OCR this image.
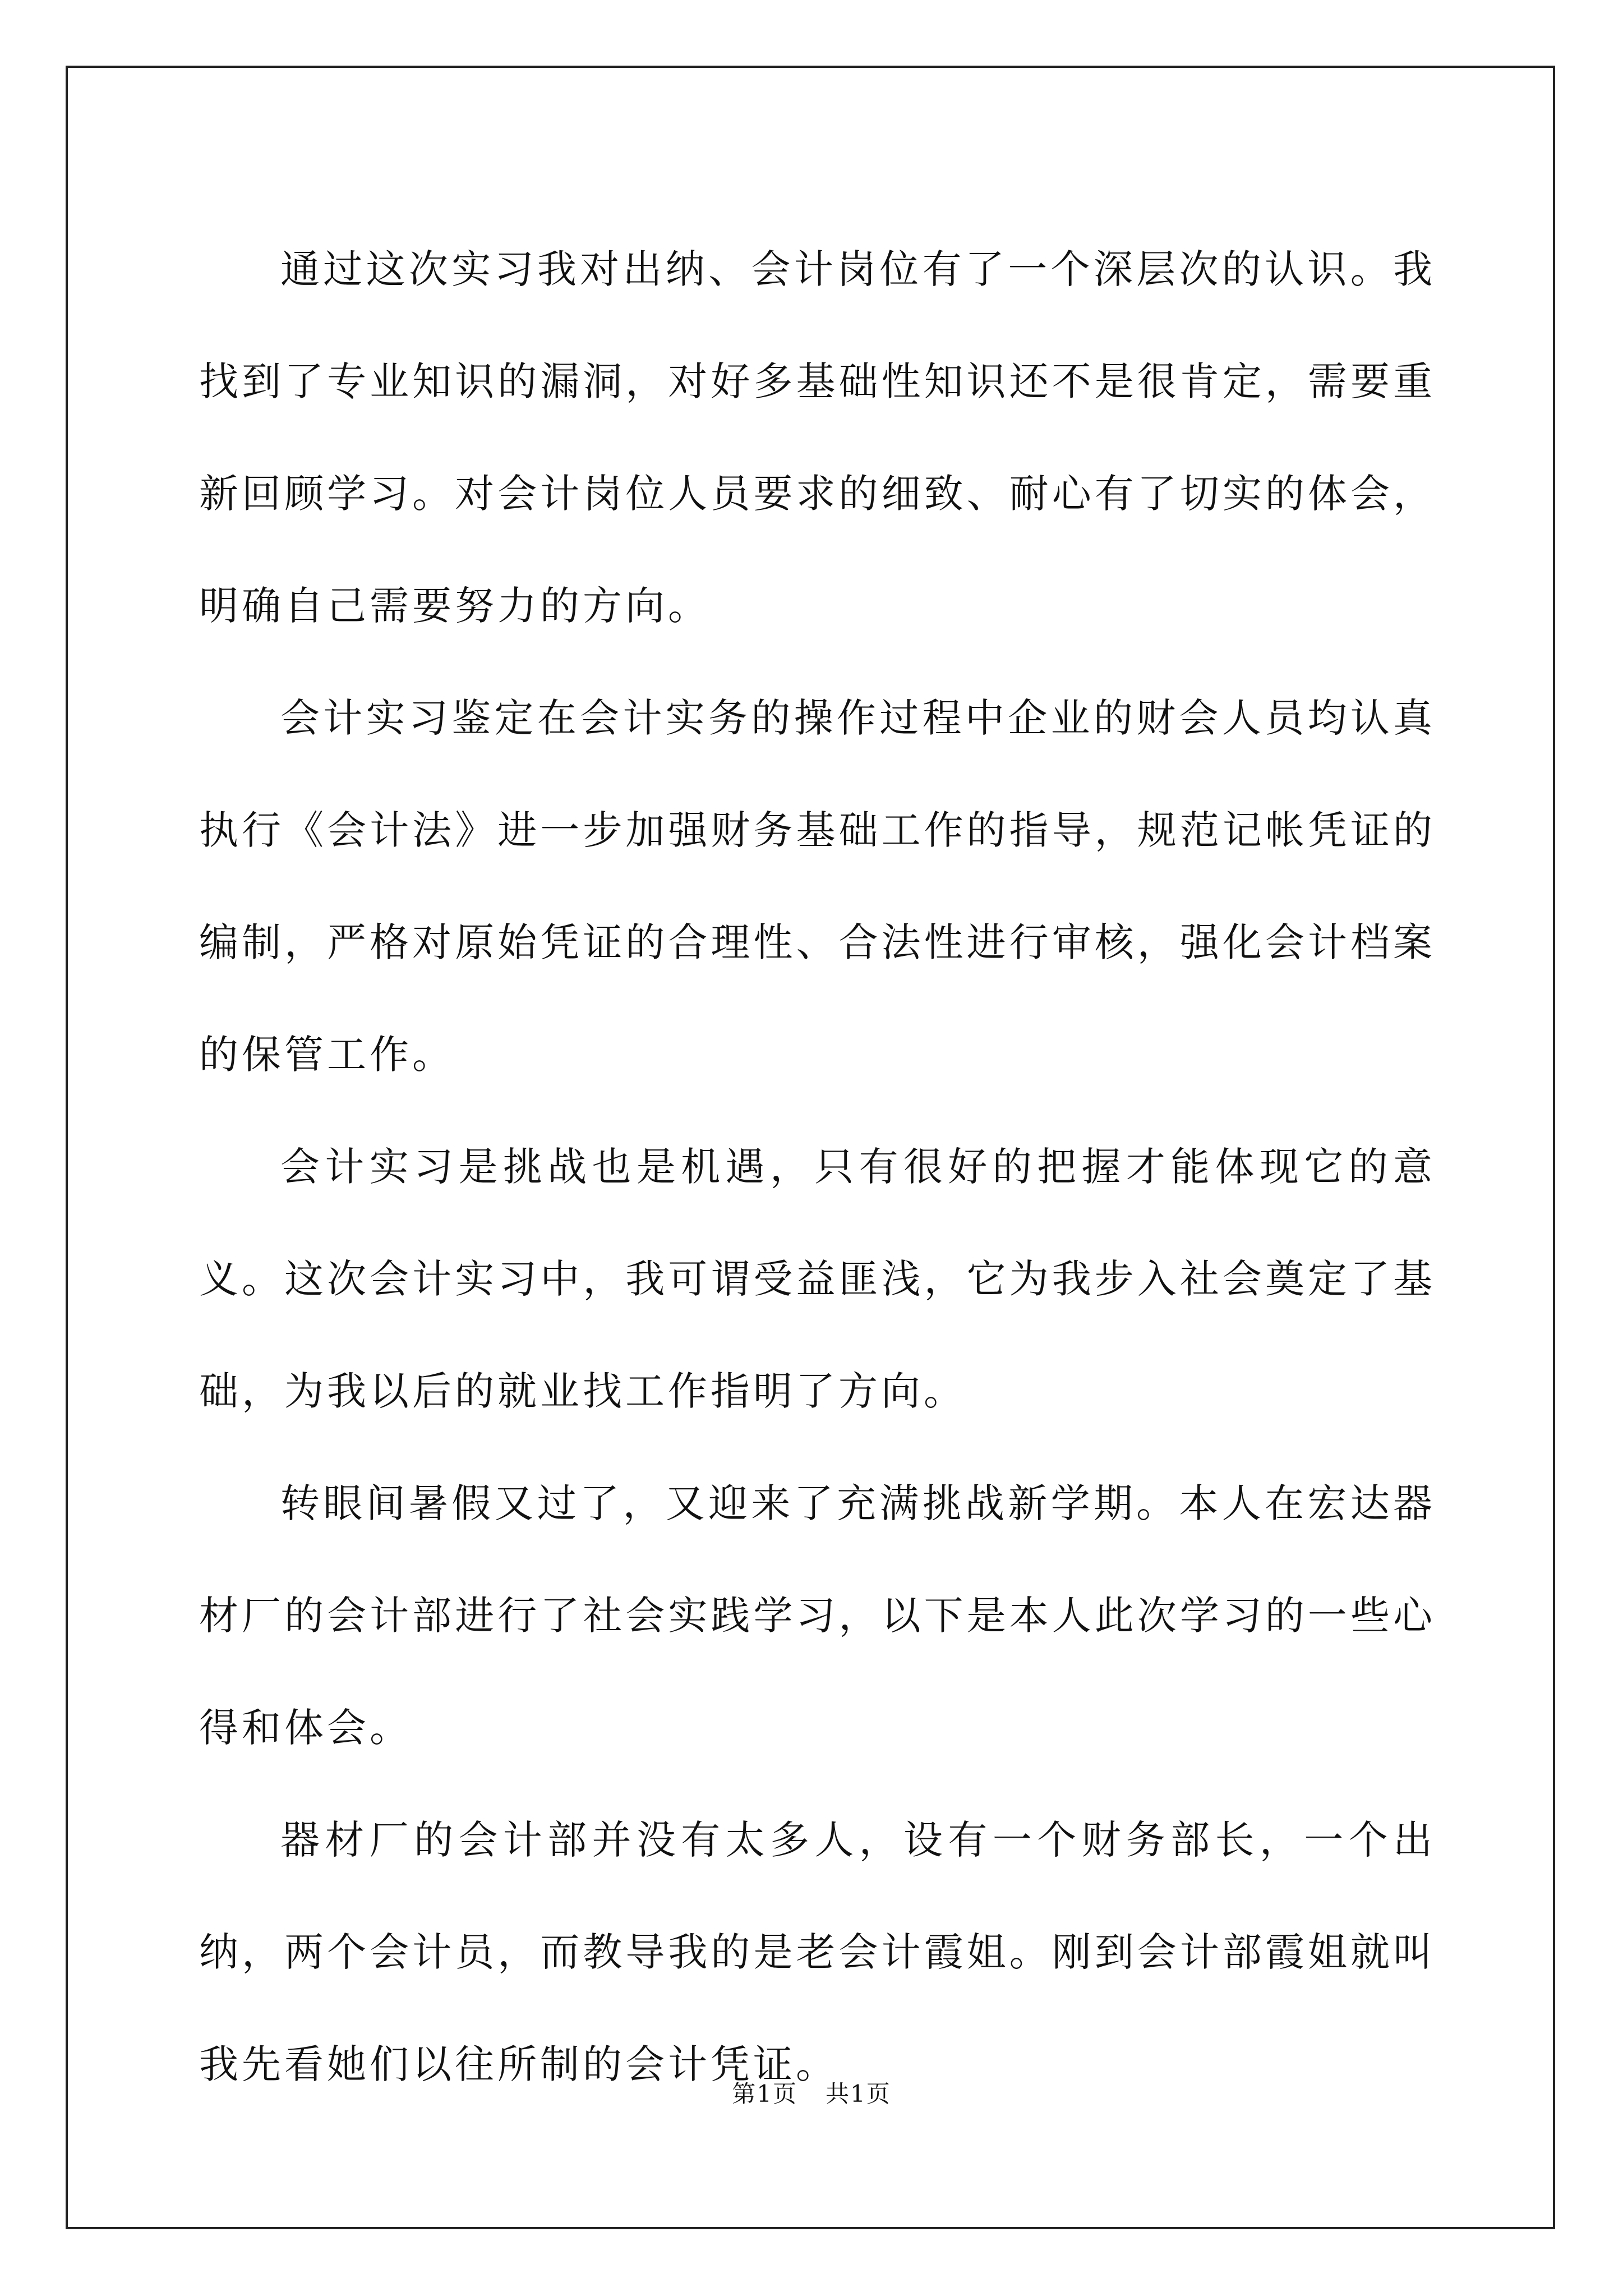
通过这次实习我对出纳、会计岗位有了一个深层次的认识。我找到了专业知识的漏洞，对好多基础性知识还不是很肯定，需要重新回顾学习。对会计岗位人员要求的细致、耐心有了切实的体会，明确自己需要努力的方向。

会计实习鉴定在会计实务的操作过程中企业的财会人员均认真执行《会计法》进一步加强财务基础工作的指导，规范记帐凭证的编制，严格对原始凭证的合理性、合法性进行审核，强化会计档案的保管工作。

会计实习是挑战也是机遇，只有很好的把握才能体现它的意义。这次会计实习中，我可谓受益匪浅，它为我步入社会奠定了基础，为我以后的就业找工作指明了方向。

转眼间暑假又过了，又迎来了充满挑战新学期。本人在宏达器材厂的会计部进行了社会实践学习，以下是本人此次学习的一些心得和体会。

器材厂的会计部并没有太多人，设有一个财务部长，一个出纳，两个会计员，而教导我的是老会计霞姐。刚到会计部霞姐就叫我先看她们以往所制的会计凭证。

第1页 共1页
